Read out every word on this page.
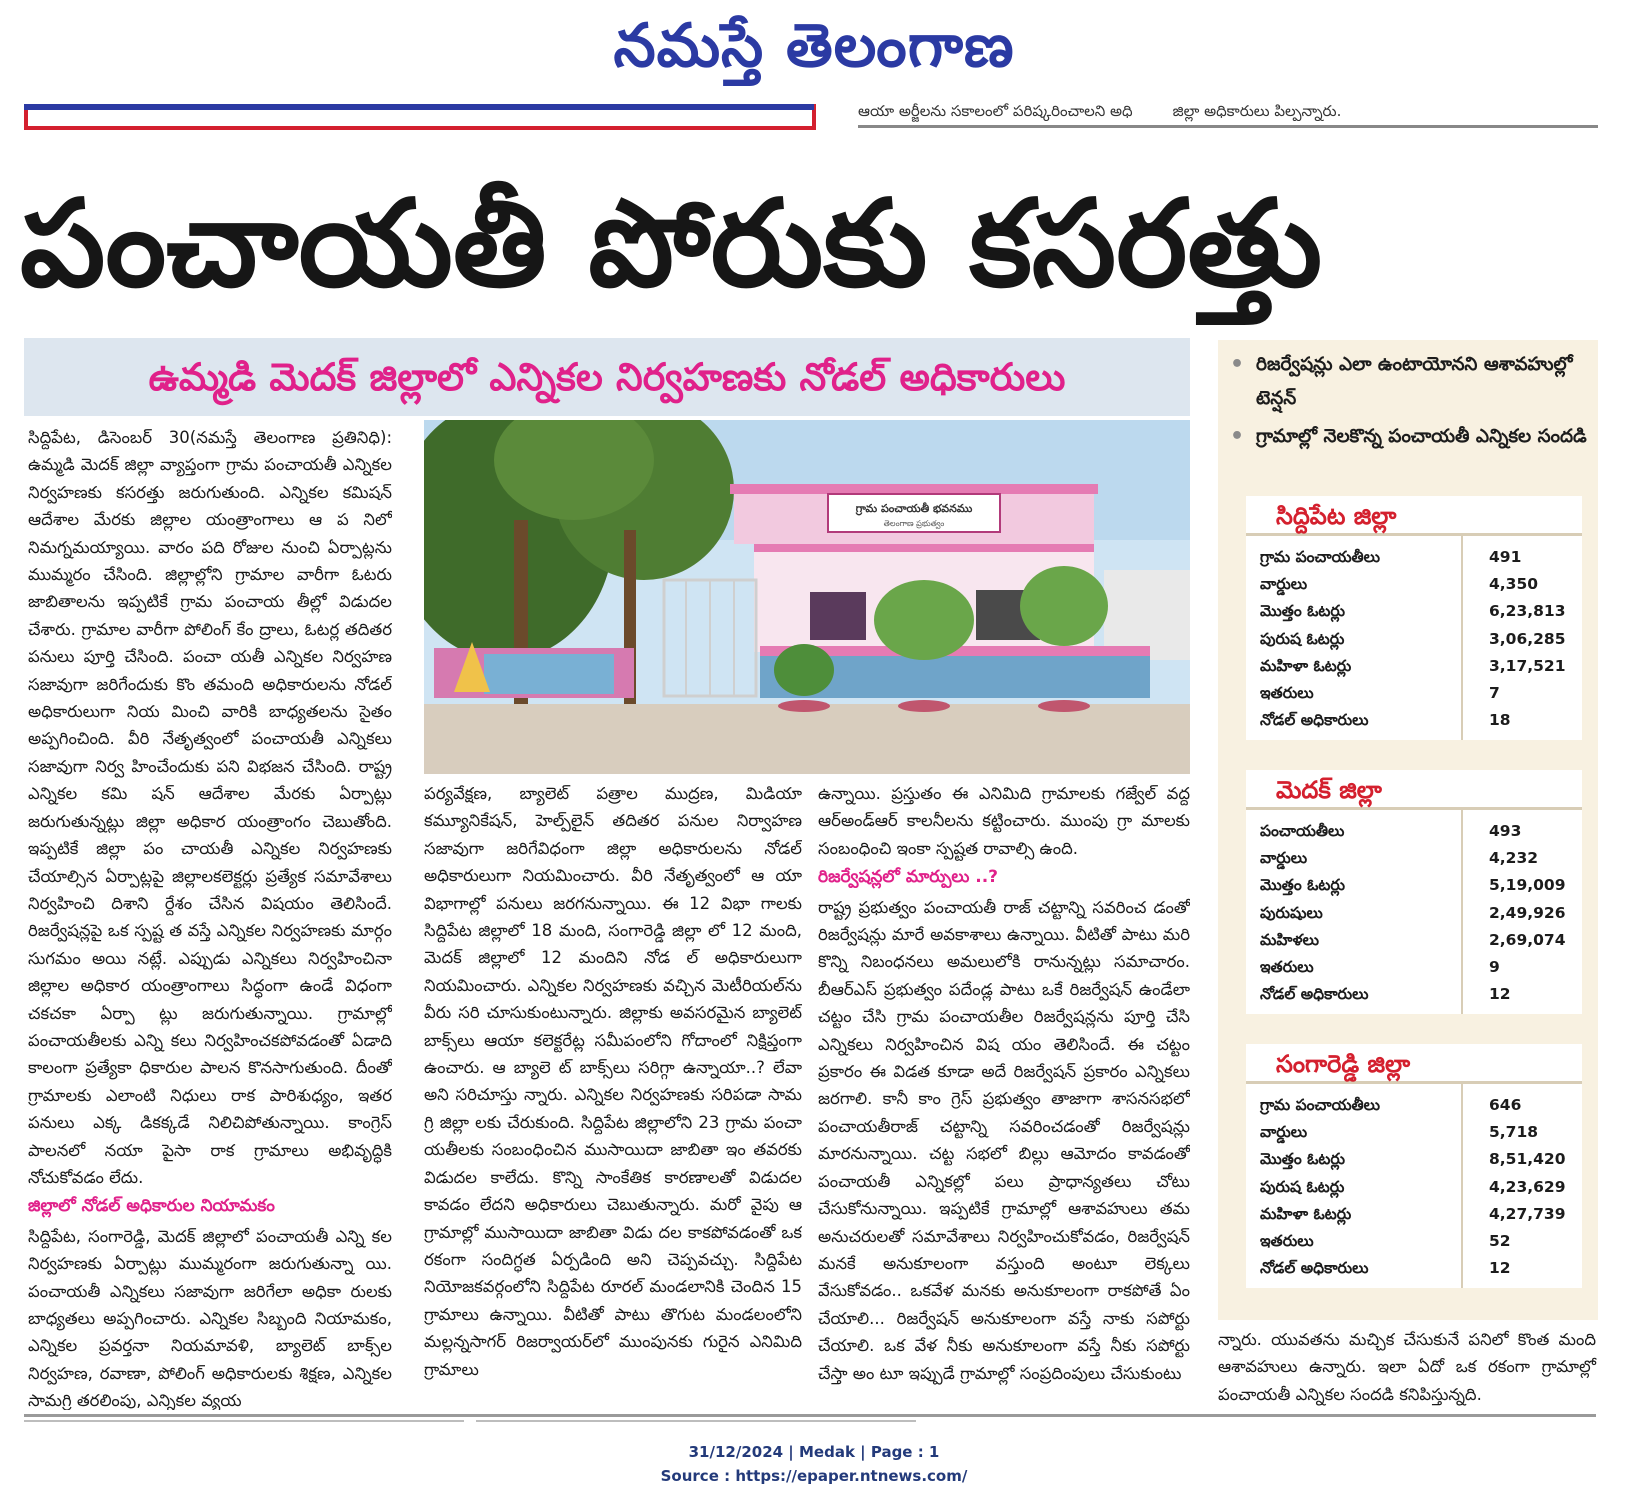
నమస్తే తెలంగాణ
ఆయా అర్జీలను సకాలంలో పరిష్కరించాలని అధి	జిల్లా అధికారులు పిల్పన్నారు.
పంచాయతీ పోరుకు కసరత్తు
ఉమ్మడి మెదక్‌ జిల్లాలో ఎన్నికల నిర్వహణకు నోడల్‌ అధికారులు

సిద్దిపేట, డిసెంబర్‌ 30(నమస్తే తెలంగాణ ప్రతినిధి): ఉమ్మడి మెదక్‌ జిల్లా వ్యాప్తంగా గ్రామ పంచాయతీ ఎన్నికల నిర్వహణకు కసరత్తు జరుగుతుంది. ఎన్నికల కమిషన్‌ ఆదేశాల మేరకు జిల్లాల యంత్రాంగాలు ఆ ప నిలో నిమగ్నమయ్యాయి. వారం పది రోజుల నుంచి ఏర్పాట్లను ముమ్మరం చేసింది. జిల్లాల్లోని గ్రామాల వారీగా ఓటరు జాబితాలను ఇప్పటికే గ్రామ పంచాయ తీల్లో విడుదల చేశారు. గ్రామాల వారీగా పోలింగ్‌ కేం ద్రాలు, ఓటర్ల తదితర పనులు పూర్తి చేసింది. పంచా యతీ ఎన్నికల నిర్వహణ సజావుగా జరిగేందుకు కొం తమంది అధికారులను నోడల్‌ అధికారులుగా నియ మించి వారికి బాధ్యతలను సైతం అప్పగించింది. వీరి నేతృత్వంలో పంచాయతీ ఎన్నికలు సజావుగా నిర్వ హించేందుకు పని విభజన చేసింది. రాష్ట్ర ఎన్నికల కమి షన్‌ ఆదేశాల మేరకు ఏర్పాట్లు జరుగుతున్నట్లు జిల్లా అధికార యంత్రాంగం చెబుతోంది. ఇప్పటికే జిల్లా పం చాయతీ ఎన్నికల నిర్వహణకు చేయాల్సిన ఏర్పాట్లపై జిల్లాలకలెక్టర్లు ప్రత్యేక సమావేశాలు నిర్వహించి దిశాని ర్దేశం చేసిన విషయం తెలిసిందే. రిజర్వేషన్లపై ఒక స్పష్ట త వస్తే ఎన్నికల నిర్వహణకు మార్గం సుగమం అయి నట్లే. ఎప్పుడు ఎన్నికలు నిర్వహించినా జిల్లాల అధికార యంత్రాంగాలు సిద్ధంగా ఉండే విధంగా చకచకా ఏర్పా ట్లు జరుగుతున్నాయి. గ్రామాల్లో పంచాయతీలకు ఎన్ని కలు నిర్వహించకపోవడంతో ఏడాది కాలంగా ప్రత్యేకా ధికారుల పాలన కొనసాగుతుంది. దీంతో గ్రామాలకు ఎలాంటి నిధులు రాక పారిశుధ్యం, ఇతర పనులు ఎక్క డికక్కడే నిలిచిపోతున్నాయి. కాంగ్రెస్‌ పాలనలో నయా పైసా రాక గ్రామాలు అభివృద్ధికి నోచుకోవడం లేదు.

జిల్లాలో నోడల్‌ అధికారుల నియామకం

సిద్దిపేట, సంగారెడ్డి, మెదక్‌ జిల్లాలో పంచాయతీ ఎన్ని కల నిర్వహణకు ఏర్పాట్లు ముమ్మరంగా జరుగుతున్నా యి. పంచాయతీ ఎన్నికలు సజావుగా జరిగేలా అధికా రులకు బాధ్యతలు అప్పగించారు. ఎన్నికల సిబ్బంది నియామకం, ఎన్నికల ప్రవర్తనా నియమావళి, బ్యాలెట్‌ బాక్స్‌ల నిర్వహణ, రవాణా, పోలింగ్‌ అధికారులకు శిక్షణ, ఎన్నికల సామగ్రి తరలింపు, ఎన్నికల వ్యయ

గ్రామ పంచాయతీ భవనము
తెలంగాణ ప్రభుత్వం

పర్యవేక్షణ, బ్యాలెట్‌ పత్రాల ముద్రణ, మిడియా కమ్యూనికేషన్‌, హెల్ప్‌లైన్‌ తదితర పనుల నిర్వాహణ సజావుగా జరిగేవిధంగా జిల్లా అధికారులను నోడల్‌ అధికారులుగా నియమించారు. వీరి నేతృత్వంలో ఆ యా విభాగాల్లో పనులు జరగనున్నాయి. ఈ 12 విభా గాలకు సిద్దిపేట జిల్లాలో 18 మంది, సంగారెడ్డి జిల్లా లో 12 మంది, మెదక్‌ జిల్లాలో 12 మందిని నోడ ల్‌ అధికారులుగా నియమించారు. ఎన్నికల నిర్వహణకు వచ్చిన మెటీరియల్‌ను వీరు సరి చూసుకుంటున్నారు. జిల్లాకు అవసరమైన బ్యాలెట్‌ బాక్స్‌లు ఆయా కలెక్టరేట్ల సమీపంలోని గోదాంలో నిక్షిప్తంగా ఉంచారు. ఆ బ్యాలె ట్‌ బాక్స్‌లు సరిగ్గా ఉన్నాయా..? లేవా అని సరిచూస్తు న్నారు. ఎన్నికల నిర్వహణకు సరిపడా సామ గ్రి జిల్లా లకు చేరుకుంది. సిద్దిపేట జిల్లాలోని 23 గ్రామ పంచా యతీలకు సంబంధించిన ముసాయిదా జాబితా ఇం తవరకు విడుదల కాలేదు. కొన్ని సాంకేతిక కారణాలతో విడుదల కావడం లేదని అధికారులు చెబుతున్నారు. మరో వైపు ఆ గ్రామాల్లో ముసాయిదా జాబితా విడు దల కాకపోవడంతో ఒక రకంగా సందిగ్ధత ఏర్పడింది అని చెప్పవచ్చు. సిద్దిపేట నియోజకవర్గంలోని సిద్దిపేట రూరల్‌ మండలానికి చెందిన 15 గ్రామాలు ఉన్నాయి. వీటితో పాటు తొగుట మండలంలోని మల్లన్నసాగర్‌ రిజర్వాయర్‌లో ముంపునకు గురైన ఎనిమిది గ్రామాలు

ఉన్నాయి. ప్రస్తుతం ఈ ఎనిమిది గ్రామాలకు గజ్వేల్‌ వద్ద ఆర్‌అండ్‌ఆర్‌ కాలనీలను కట్టించారు. ముంపు గ్రా మాలకు సంబంధించి ఇంకా స్పష్టత రావాల్సి ఉంది.

రిజర్వేషన్లలో మార్పులు ..?

రాష్ట్ర ప్రభుత్వం పంచాయతీ రాజ్‌ చట్టాన్ని సవరించ డంతో రిజర్వేషన్లు మారే అవకాశాలు ఉన్నాయి. వీటితో పాటు మరి కొన్ని నిబంధనలు అమలులోకి రానున్నట్లు సమాచారం. బీఆర్‌ఎస్‌ ప్రభుత్వం పదేండ్ల పాటు ఒకే రిజర్వేషన్‌ ఉండేలా చట్టం చేసి గ్రామ పంచాయతీల రిజర్వేషన్లను పూర్తి చేసి ఎన్నికలు నిర్వహించిన విష యం తెలిసిందే. ఈ చట్టం ప్రకారం ఈ విడత కూడా అదే రిజర్వేషన్‌ ప్రకారం ఎన్నికలు జరగాలి. కానీ కాం గ్రెస్‌ ప్రభుత్వం తాజాగా శాసనసభలో పంచాయతీరాజ్‌ చట్టాన్ని సవరించడంతో రిజర్వేషన్లు మారనున్నాయి. చట్ట సభలో బిల్లు ఆమోదం కావడంతో పంచాయతీ ఎన్నికల్లో పలు ప్రాధాన్యతలు చోటు చేసుకోనున్నాయి. ఇప్పటికే గ్రామాల్లో ఆశావహులు తమ అనుచరులతో సమావేశాలు నిర్వహించుకోవడం, రిజర్వేషన్‌ మనకే అనుకూలంగా వస్తుంది అంటూ లెక్కలు వేసుకోవడం.. ఒకవేళ మనకు అనుకూలంగా రాకపోతే ఏం చేయాలి... రిజర్వేషన్‌ అనుకూలంగా వస్తే నాకు సపోర్టు చేయాలి. ఒక వేళ నీకు అనుకూలంగా వస్తే నీకు సపోర్టు చేస్తా అం టూ ఇప్పుడే గ్రామాల్లో సంప్రదింపులు చేసుకుంటు

• రిజర్వేషన్లు ఎలా ఉంటాయోనని ఆశావహుల్లో టెన్షన్‌
• గ్రామాల్లో నెలకొన్న పంచాయతీ ఎన్నికల సందడి
సిద్దిపేట జిల్లా
గ్రామ పంచాయతీలు	491
వార్డులు	4,350
మొత్తం ఓటర్లు	6,23,813
పురుష ఓటర్లు	3,06,285
మహిళా ఓటర్లు	3,17,521
ఇతరులు	7
నోడల్‌ అధికారులు	18
మెదక్‌ జిల్లా
పంచాయతీలు	493
వార్డులు	4,232
మొత్తం ఓటర్లు	5,19,009
పురుషులు	2,49,926
మహిళలు	2,69,074
ఇతరులు	9
నోడల్‌ అధికారులు	12
సంగారెడ్డి జిల్లా
గ్రామ పంచాయతీలు	646
వార్డులు	5,718
మొత్తం ఓటర్లు	8,51,420
పురుష ఓటర్లు	4,23,629
మహిళా ఓటర్లు	4,27,739
ఇతరులు	52
నోడల్‌ అధికారులు	12
న్నారు. యువతను మచ్చిక చేసుకునే పనిలో కొంత మంది ఆశావహులు ఉన్నారు. ఇలా ఏదో ఒక రకంగా గ్రామాల్లో పంచాయతీ ఎన్నికల సందడి కనిపిస్తున్నది.
31/12/2024 | Medak | Page : 1
Source : https://epaper.ntnews.com/
